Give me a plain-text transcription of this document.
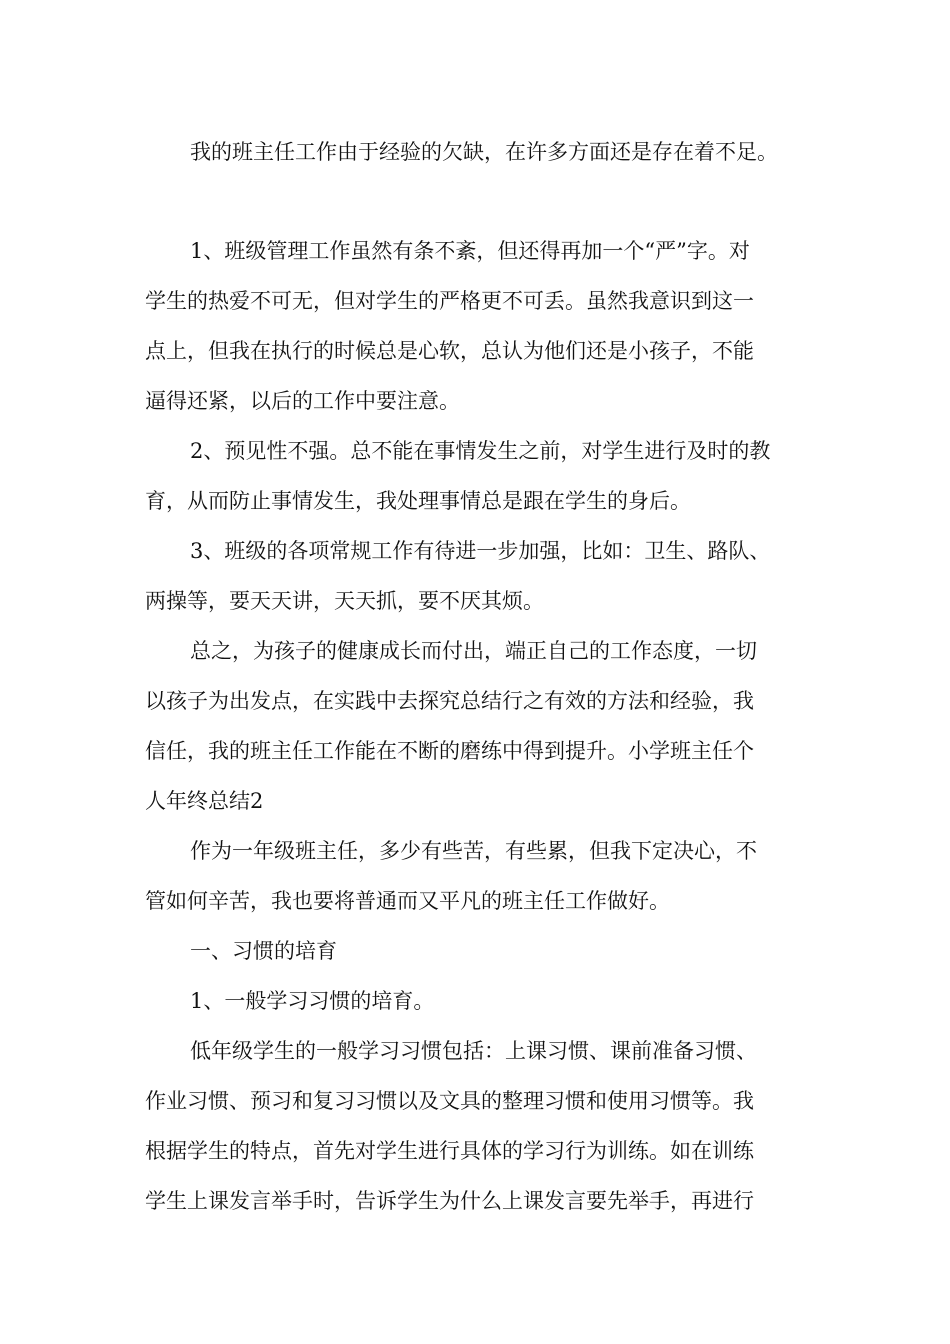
我的班主任工作由于经验的欠缺，在许多方面还是存在着不足。
1、班级管理工作虽然有条不紊，但还得再加一个“严”字。对
学生的热爱不可无，但对学生的严格更不可丢。虽然我意识到这一
点上，但我在执行的时候总是心软，总认为他们还是小孩子，不能
逼得还紧，以后的工作中要注意。
2、预见性不强。总不能在事情发生之前，对学生进行及时的教
育，从而防止事情发生，我处理事情总是跟在学生的身后。
3、班级的各项常规工作有待进一步加强，比如：卫生、路队、
两操等，要天天讲，天天抓，要不厌其烦。
总之，为孩子的健康成长而付出，端正自己的工作态度，一切
以孩子为出发点，在实践中去探究总结行之有效的方法和经验，我
信任，我的班主任工作能在不断的磨练中得到提升。小学班主任个
人年终总结2
作为一年级班主任，多少有些苦，有些累，但我下定决心，不
管如何辛苦，我也要将普通而又平凡的班主任工作做好。
一、习惯的培育
1、一般学习习惯的培育。
低年级学生的一般学习习惯包括：上课习惯、课前准备习惯、
作业习惯、预习和复习习惯以及文具的整理习惯和使用习惯等。我
根据学生的特点，首先对学生进行具体的学习行为训练。如在训练
学生上课发言举手时，告诉学生为什么上课发言要先举手，再进行
